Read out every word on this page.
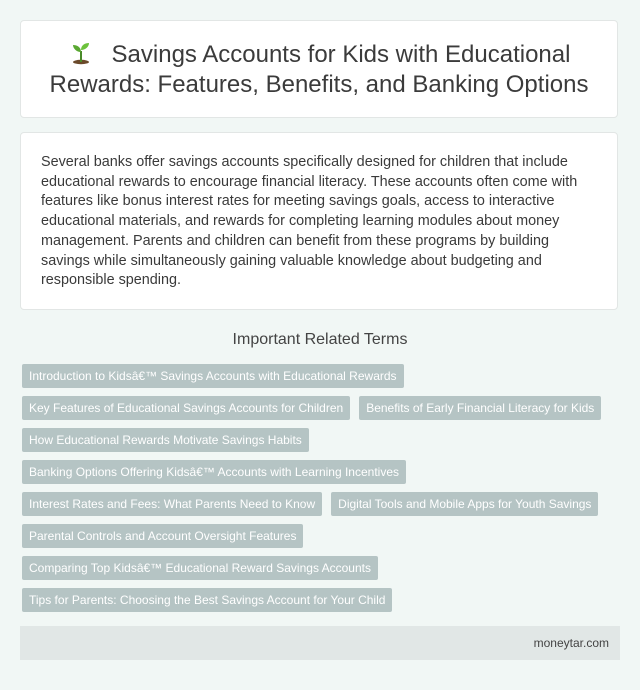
Savings Accounts for Kids with Educational Rewards: Features, Benefits, and Banking Options

Several banks offer savings accounts specifically designed for children that include educational rewards to encourage financial literacy. These accounts often come with features like bonus interest rates for meeting savings goals, access to interactive educational materials, and rewards for completing learning modules about money management. Parents and children can benefit from these programs by building savings while simultaneously gaining valuable knowledge about budgeting and responsible spending.

Important Related Terms
Introduction to Kidsâ€™ Savings Accounts with Educational Rewards
Key Features of Educational Savings Accounts for Children	Benefits of Early Financial Literacy for Kids
How Educational Rewards Motivate Savings Habits
Banking Options Offering Kidsâ€™ Accounts with Learning Incentives
Interest Rates and Fees: What Parents Need to Know	Digital Tools and Mobile Apps for Youth Savings
Parental Controls and Account Oversight Features
Comparing Top Kidsâ€™ Educational Reward Savings Accounts
Tips for Parents: Choosing the Best Savings Account for Your Child
moneytar.com
